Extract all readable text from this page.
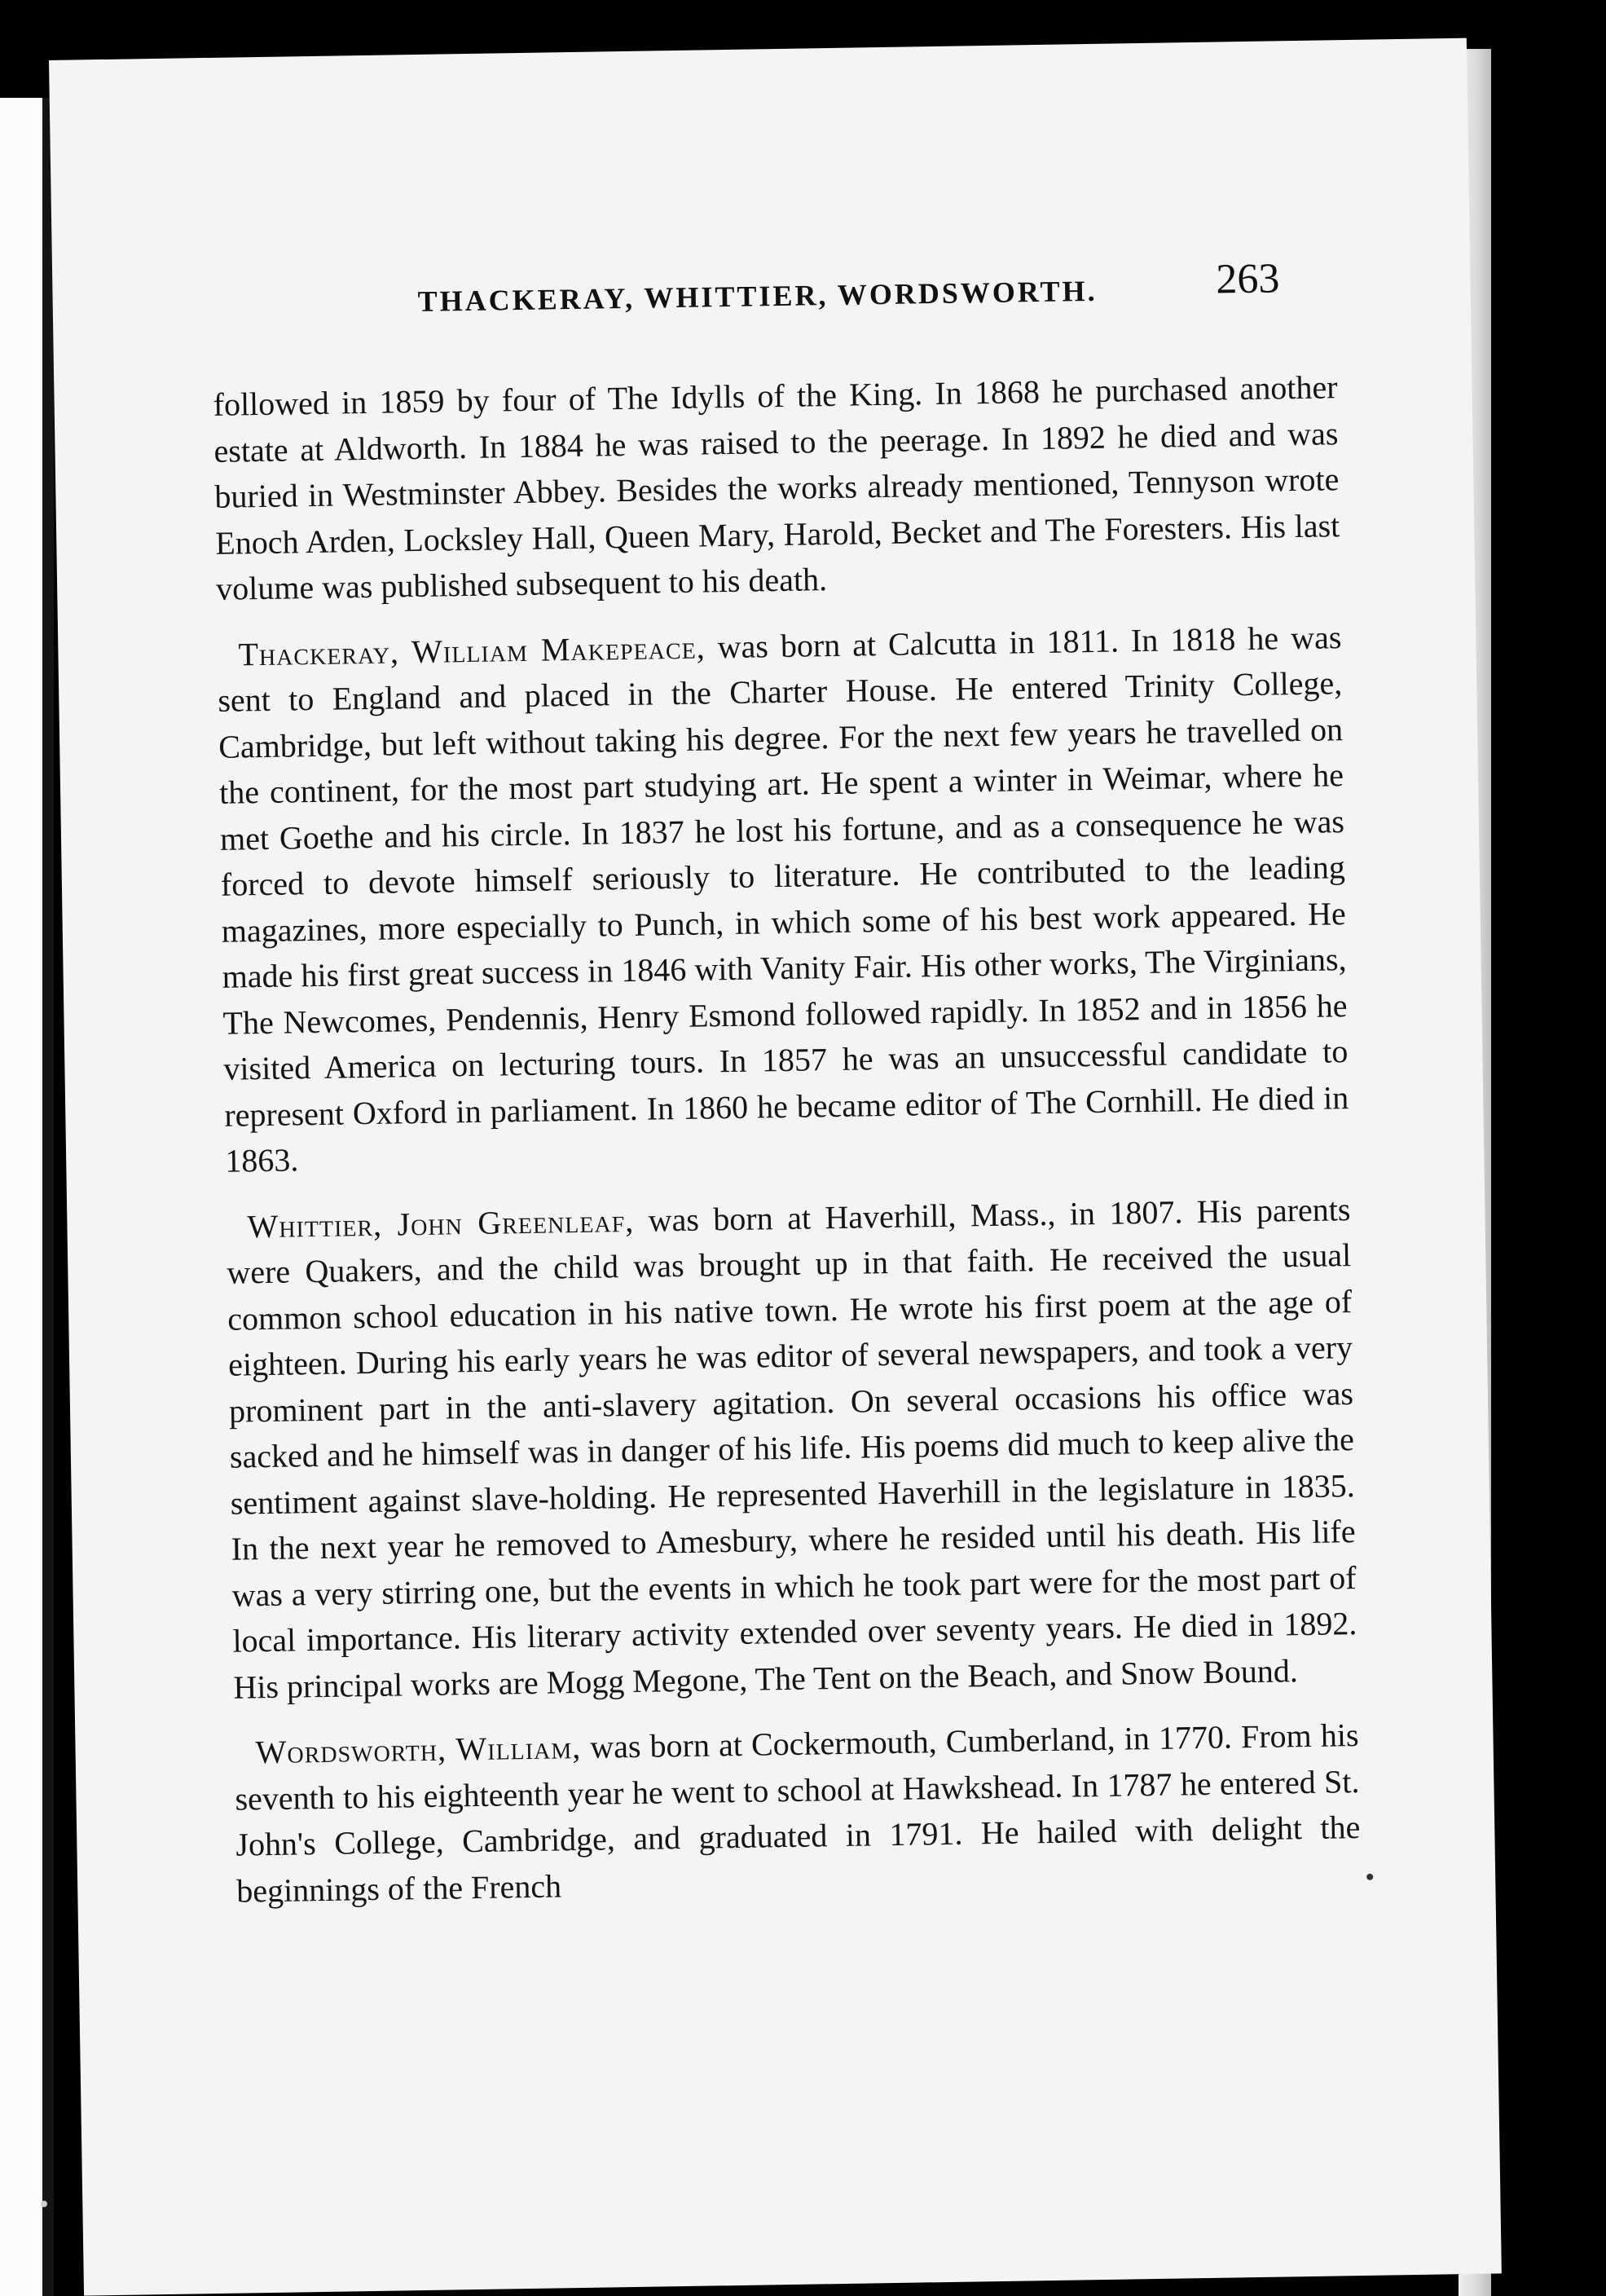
THACKERAY, WHITTIER, WORDSWORTH.	263

followed in 1859 by four of The Idylls of the King. In 1868 he purchased another estate at Aldworth. In 1884 he was raised to the peerage. In 1892 he died and was buried in Westminster Abbey. Besides the works already mentioned, Tennyson wrote Enoch Arden, Locksley Hall, Queen Mary, Harold, Becket and The Foresters. His last volume was published subsequent to his death.

Thackeray, William Makepeace, was born at Calcutta in 1811. In 1818 he was sent to England and placed in the Charter House. He entered Trinity College, Cambridge, but left without taking his degree. For the next few years he travelled on the continent, for the most part studying art. He spent a winter in Weimar, where he met Goethe and his circle. In 1837 he lost his fortune, and as a consequence he was forced to devote himself seriously to literature. He contributed to the leading magazines, more especially to Punch, in which some of his best work appeared. He made his first great success in 1846 with Vanity Fair. His other works, The Virginians, The Newcomes, Pendennis, Henry Esmond followed rapidly. In 1852 and in 1856 he visited America on lecturing tours. In 1857 he was an unsuccessful candidate to represent Oxford in parliament. In 1860 he became editor of The Cornhill. He died in 1863.

Whittier, John Greenleaf, was born at Haverhill, Mass., in 1807. His parents were Quakers, and the child was brought up in that faith. He received the usual common school education in his native town. He wrote his first poem at the age of eighteen. During his early years he was editor of several newspapers, and took a very prominent part in the anti-slavery agitation. On several occasions his office was sacked and he himself was in danger of his life. His poems did much to keep alive the sentiment against slave-holding. He represented Haverhill in the legislature in 1835. In the next year he removed to Amesbury, where he resided until his death. His life was a very stirring one, but the events in which he took part were for the most part of local importance. His literary activity extended over seventy years. He died in 1892. His principal works are Mogg Megone, The Tent on the Beach, and Snow Bound.

Wordsworth, William, was born at Cockermouth, Cumberland, in 1770. From his seventh to his eighteenth year he went to school at Hawkshead. In 1787 he entered St. John's College, Cambridge, and graduated in 1791. He hailed with delight the beginnings of the French
